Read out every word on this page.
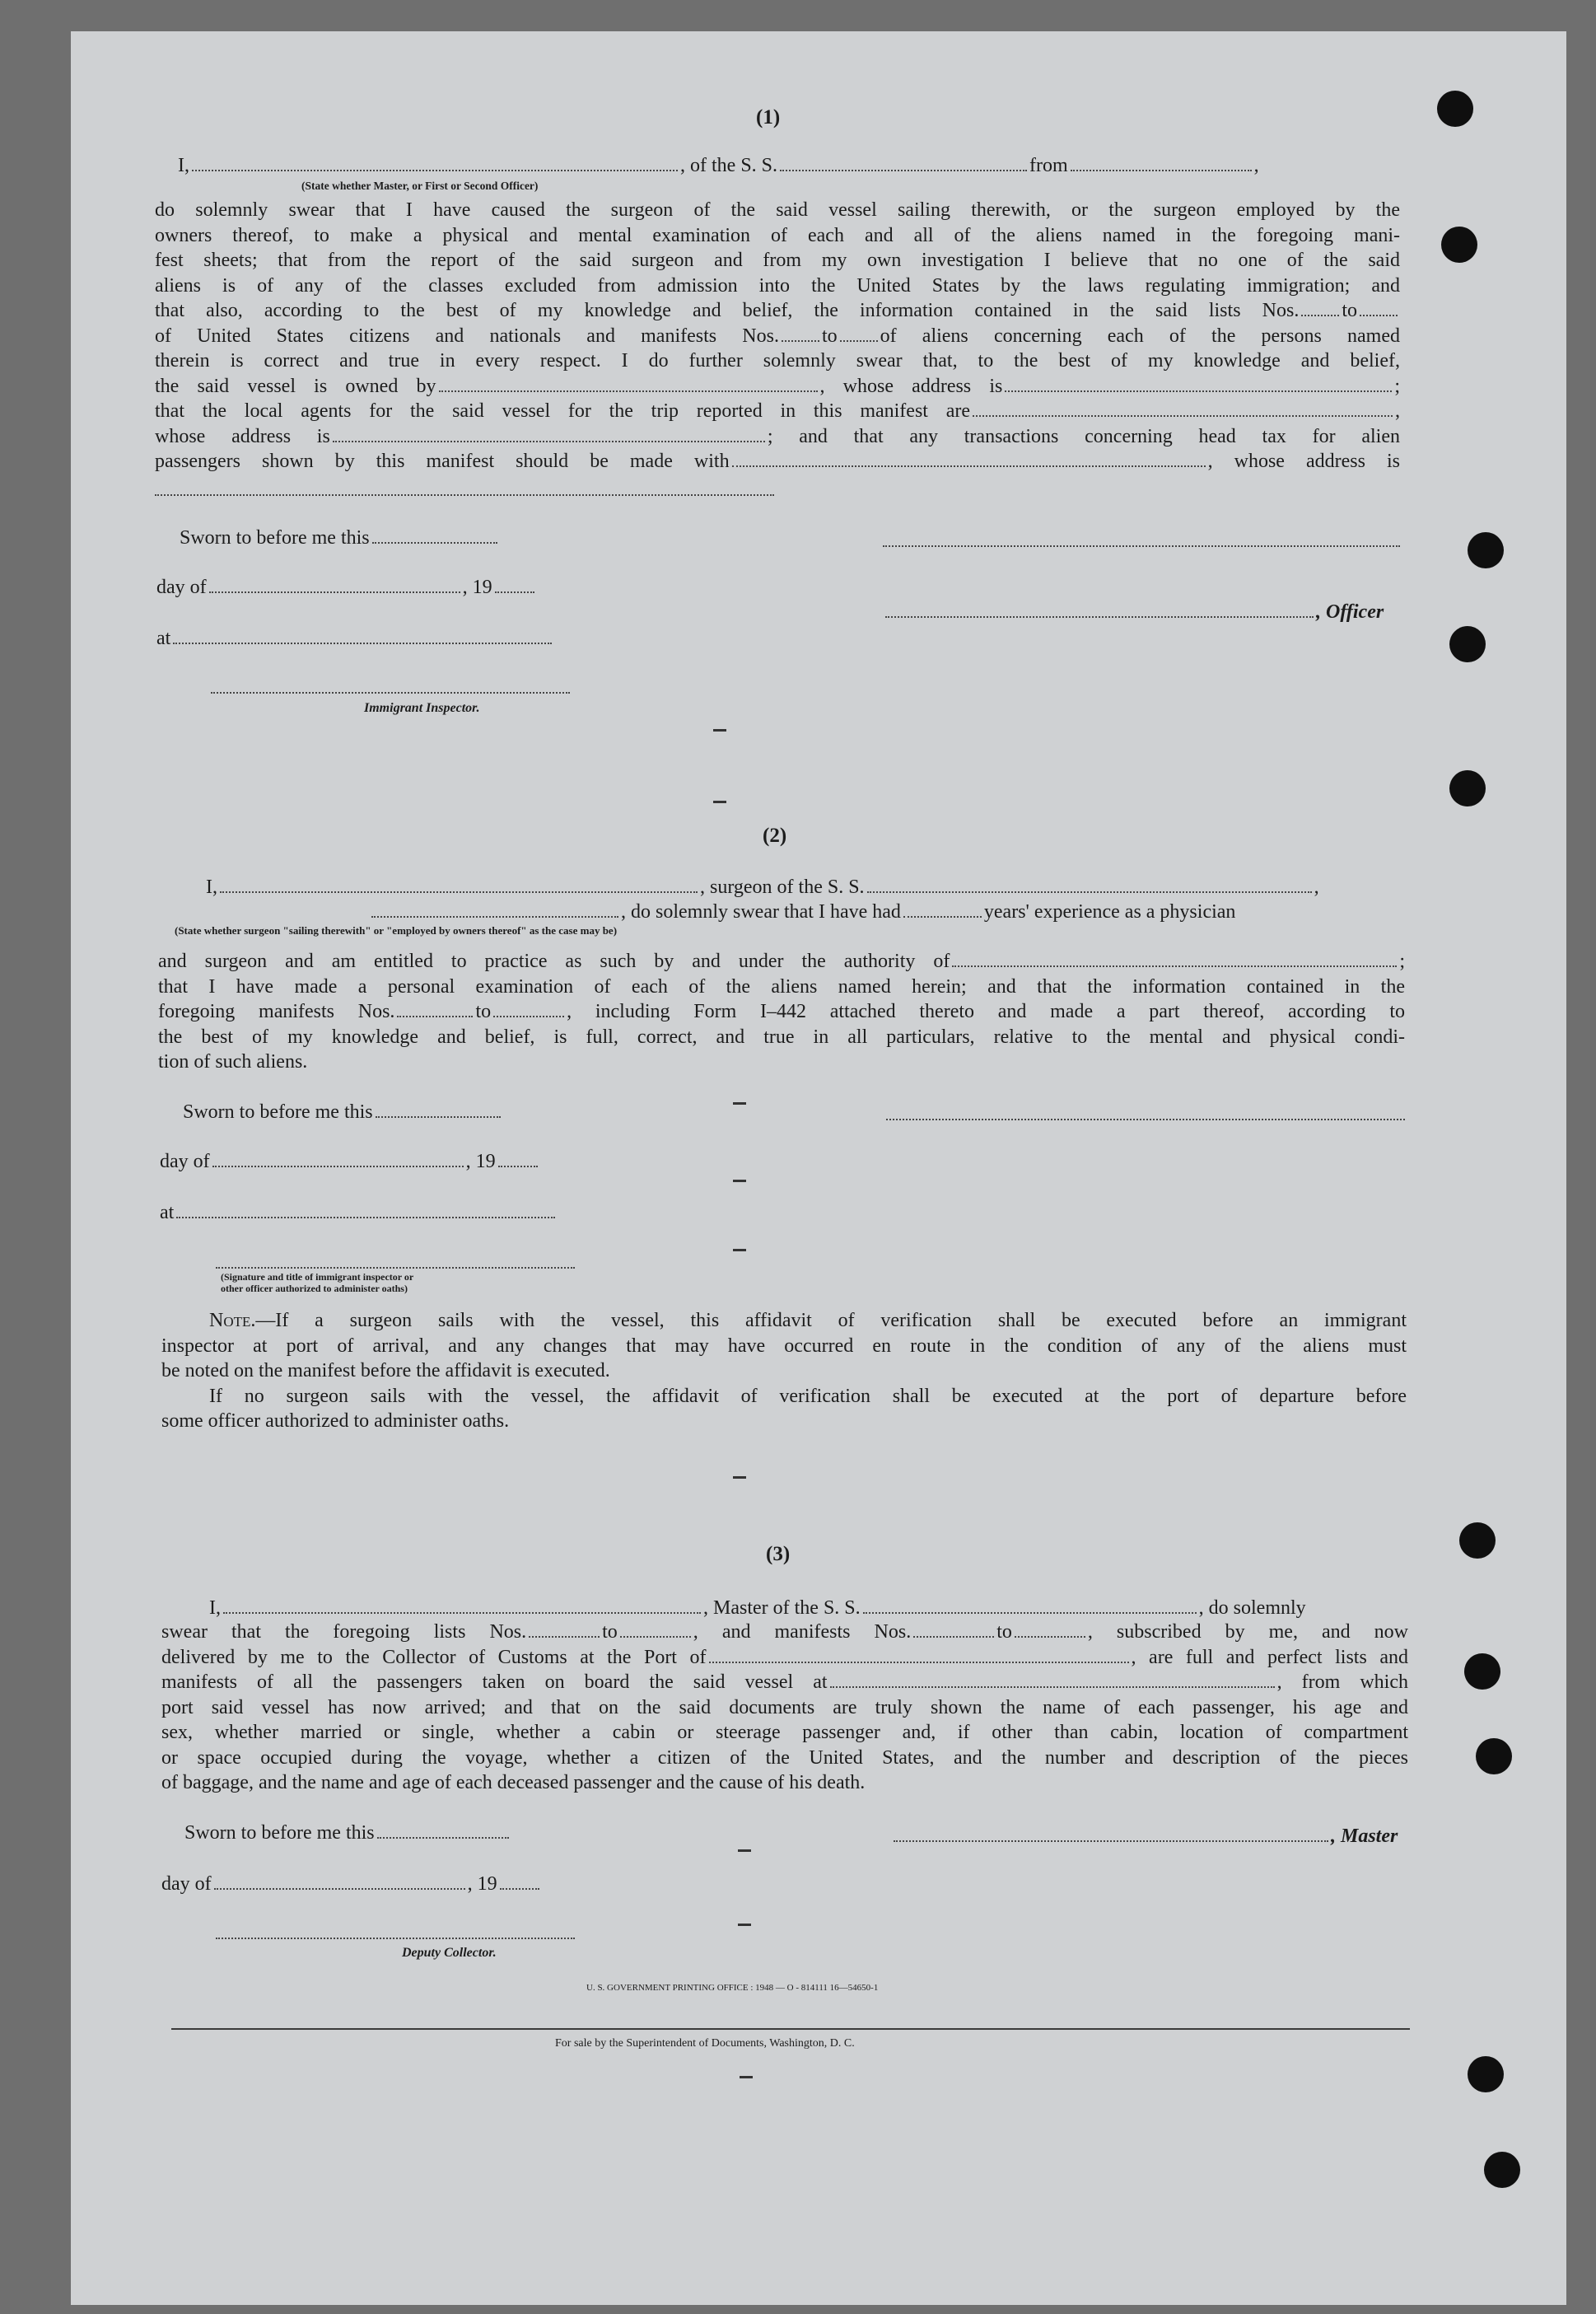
(1)
I,	, of the S. S.	from	,
(State whether Master, or First or Second Officer)
do solemnly swear that I have caused the surgeon of the said vessel sailing therewith, or the surgeon employed by the
owners thereof, to make a physical and mental examination of each and all of the aliens named in the foregoing mani-
fest sheets; that from the report of the said surgeon and from my own investigation I believe that no one of the said
aliens is of any of the classes excluded from admission into the United States by the laws regulating immigration; and
that also, according to the best of my knowledge and belief, the information contained in the said lists Nos. to
of United States citizens and nationals and manifests Nos. to of aliens concerning each of the persons named
therein is correct and true in every respect. I do further solemnly swear that, to the best of my knowledge and belief,
the said vessel is owned by	, whose address is	;
that the local agents for the said vessel for the trip reported in this manifest are	,
whose address is	; and that any transactions concerning head tax for alien
passengers shown by this manifest should be made with	, whose address is
Sworn to before me this
day of	, 19
, Officer
at
Immigrant Inspector.
(2)
I,	, surgeon of the S. S.	,
, do solemnly swear that I have had	years' experience as a physician
(State whether surgeon "sailing therewith" or "employed by owners thereof" as the case may be)
and surgeon and am entitled to practice as such by and under the authority of	;
that I have made a personal examination of each of the aliens named herein; and that the information contained in the
foregoing manifests Nos.	to	, including Form I–442 attached thereto and made a part thereof, according to
the best of my knowledge and belief, is full, correct, and true in all particulars, relative to the mental and physical condi-
tion of such aliens.
Sworn to before me this
day of	, 19
at
(Signature and title of immigrant inspector or
other officer authorized to administer oaths)
Note.—If a surgeon sails with the vessel, this affidavit of verification shall be executed before an immigrant
inspector at port of arrival, and any changes that may have occurred en route in the condition of any of the aliens must
be noted on the manifest before the affidavit is executed.
If no surgeon sails with the vessel, the affidavit of verification shall be executed at the port of departure before
some officer authorized to administer oaths.
(3)
I,	, Master of the S. S.	, do solemnly
swear that the foregoing lists Nos.	to	, and manifests Nos.	to	, subscribed by me, and now
delivered by me to the Collector of Customs at the Port of	, are full and perfect lists and
manifests of all the passengers taken on board the said vessel at	, from which
port said vessel has now arrived; and that on the said documents are truly shown the name of each passenger, his age and
sex, whether married or single, whether a cabin or steerage passenger and, if other than cabin, location of compartment
or space occupied during the voyage, whether a citizen of the United States, and the number and description of the pieces
of baggage, and the name and age of each deceased passenger and the cause of his death.
Sworn to before me this	, Master
day of	, 19
Deputy Collector.
U. S. GOVERNMENT PRINTING OFFICE : 1948 — O - 814111 16—54650-1
For sale by the Superintendent of Documents, Washington, D. C.
